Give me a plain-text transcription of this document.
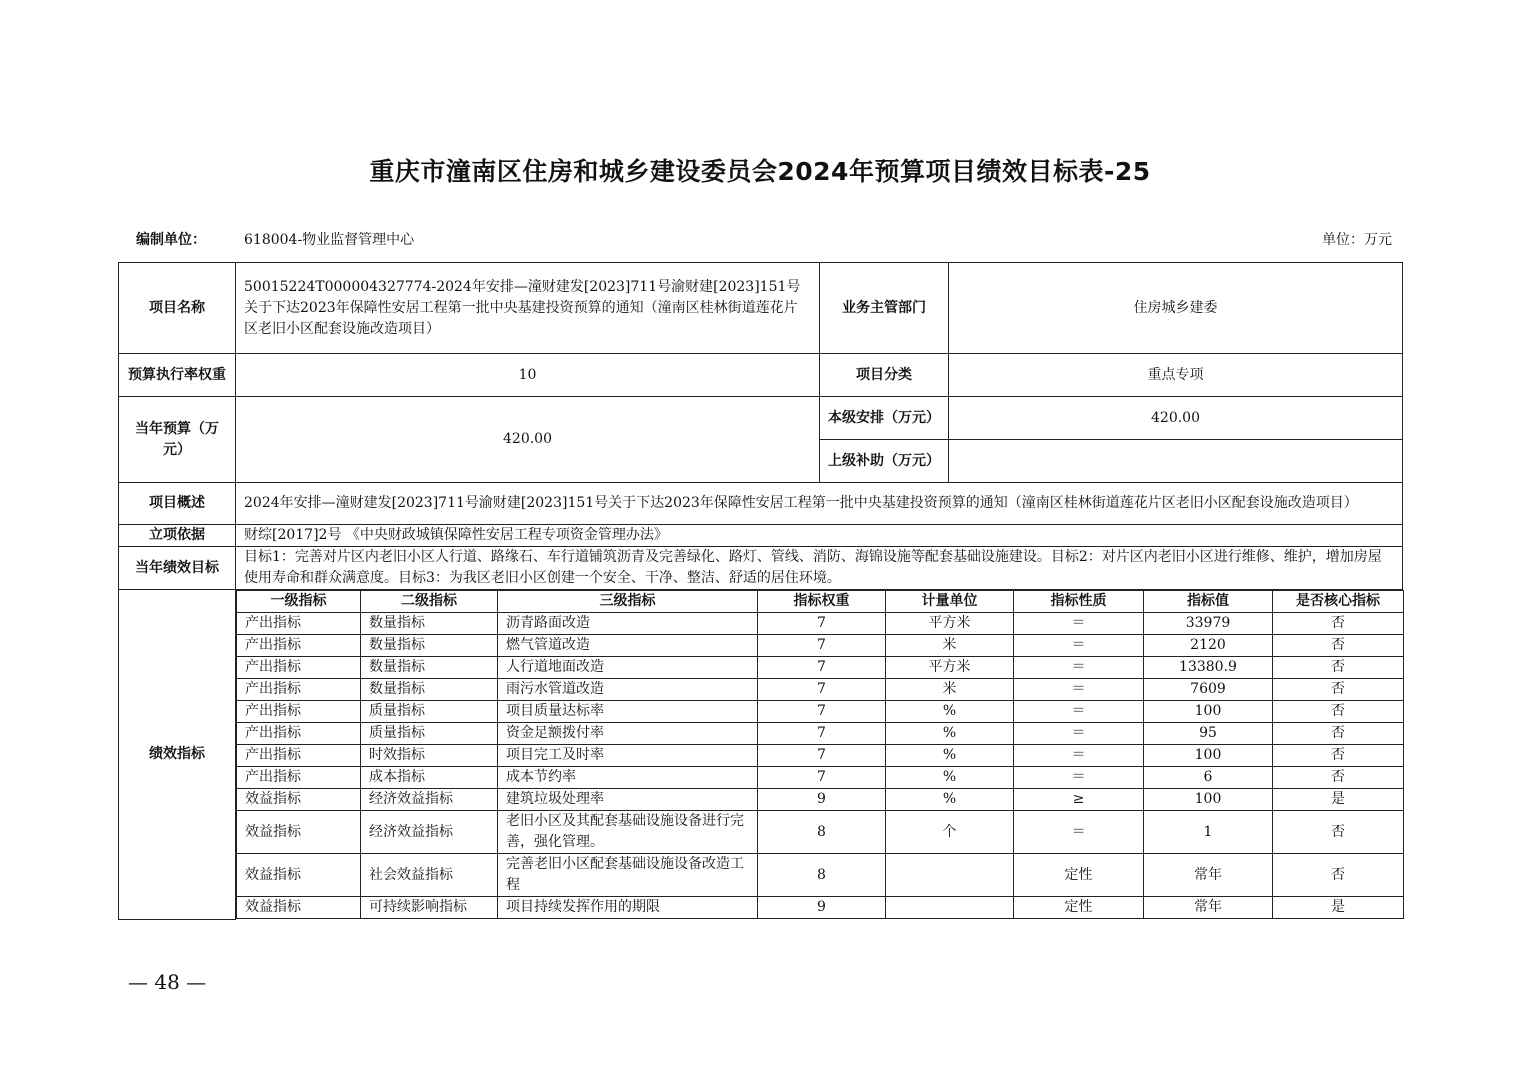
重庆市潼南区住房和城乡建设委员会2024年预算项目绩效目标表-25
编制单位：	618004-物业监督管理中心	单位：万元
项目名称	50015224T000004327774-2024年安排—潼财建发[2023]711号渝财建[2023]151号关于下达2023年保障性安居工程第一批中央基建投资预算的通知（潼南区桂林街道莲花片区老旧小区配套设施改造项目）	业务主管部门	住房城乡建委
预算执行率权重	10	项目分类	重点专项
当年预算（万元）	420.00	本级安排（万元）	420.00
上级补助（万元）	
项目概述	2024年安排—潼财建发[2023]711号渝财建[2023]151号关于下达2023年保障性安居工程第一批中央基建投资预算的通知（潼南区桂林街道莲花片区老旧小区配套设施改造项目）
立项依据	财综[2017]2号 《中央财政城镇保障性安居工程专项资金管理办法》
当年绩效目标	目标1：完善对片区内老旧小区人行道、路缘石、车行道铺筑沥青及完善绿化、路灯、管线、消防、海锦设施等配套基础设施建设。目标2：对片区内老旧小区进行维修、维护，增加房屋使用寿命和群众满意度。目标3：为我区老旧小区创建一个安全、干净、整洁、舒适的居住环境。
绩效指标	
一级指标	二级指标	三级指标	指标权重	计量单位	指标性质	指标值	是否核心指标
产出指标	数量指标	沥青路面改造	7	平方米	＝	33979	否
产出指标	数量指标	燃气管道改造	7	米	＝	2120	否
产出指标	数量指标	人行道地面改造	7	平方米	＝	13380.9	否
产出指标	数量指标	雨污水管道改造	7	米	＝	7609	否
产出指标	质量指标	项目质量达标率	7	%	＝	100	否
产出指标	质量指标	资金足额拨付率	7	%	＝	95	否
产出指标	时效指标	项目完工及时率	7	%	＝	100	否
产出指标	成本指标	成本节约率	7	%	＝	6	否
效益指标	经济效益指标	建筑垃圾处理率	9	%	≥	100	是
效益指标	经济效益指标	老旧小区及其配套基础设施设备进行完善，强化管理。	8	个	＝	1	否
效益指标	社会效益指标	完善老旧小区配套基础设施设备改造工程	8		定性	常年	否
效益指标	可持续影响指标	项目持续发挥作用的期限	9		定性	常年	是
— 48 —
